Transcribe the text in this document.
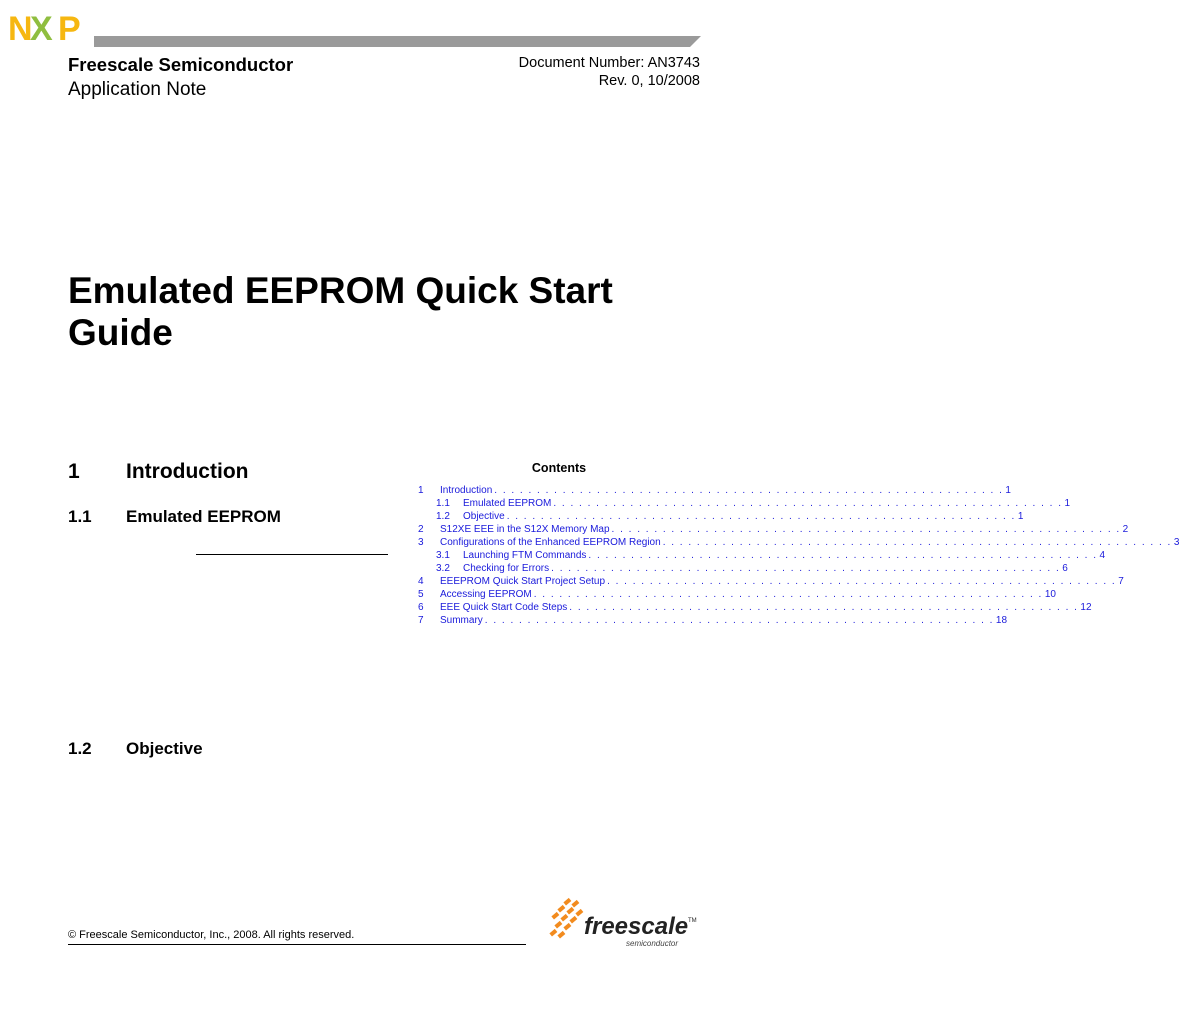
N
X P
Freescale Semiconductor
Application Note
Document Number: AN3743
Rev. 0, 10/2008
Emulated EEPROM Quick Start Guide
1 Introduction
1.1 Emulated EEPROM
1.2 Objective
Contents
1 Introduction . . . . . . . . . . . . . . . . . . . . . . . . . . . . . . . . . . . . . . . . . . . . . . . . . . . . . . . . . . . . 1
1.1 Emulated EEPROM . . . . . . . . . . . . . . . . . . . . . . . . . . . . . . . . . . . . . . . . . . . . . . . . . . . . . . . . . . . . 1
1.2 Objective . . . . . . . . . . . . . . . . . . . . . . . . . . . . . . . . . . . . . . . . . . . . . . . . . . . . . . . . . . . . 1
2 S12XE EEE in the S12X Memory Map . . . . . . . . . . . . . . . . . . . . . . . . . . . . . . . . . . . . . . . . . . . . . . . . . . . . . . . . . . . . 2
3 Configurations of the Enhanced EEPROM Region . . . . . . . . . . . . . . . . . . . . . . . . . . . . . . . . . . . . . . . . . . . . . . . . . . . . . . . . . . . . 3
3.1 Launching FTM Commands . . . . . . . . . . . . . . . . . . . . . . . . . . . . . . . . . . . . . . . . . . . . . . . . . . . . . . . . . . . . 4
3.2 Checking for Errors . . . . . . . . . . . . . . . . . . . . . . . . . . . . . . . . . . . . . . . . . . . . . . . . . . . . . . . . . . . . 6
4 EEEPROM Quick Start Project Setup . . . . . . . . . . . . . . . . . . . . . . . . . . . . . . . . . . . . . . . . . . . . . . . . . . . . . . . . . . . . 7
5 Accessing EEPROM . . . . . . . . . . . . . . . . . . . . . . . . . . . . . . . . . . . . . . . . . . . . . . . . . . . . . . . . . . . . 10
6 EEE Quick Start Code Steps . . . . . . . . . . . . . . . . . . . . . . . . . . . . . . . . . . . . . . . . . . . . . . . . . . . . . . . . . . . . 12
7 Summary . . . . . . . . . . . . . . . . . . . . . . . . . . . . . . . . . . . . . . . . . . . . . . . . . . . . . . . . . . . . 18
© Freescale Semiconductor, Inc., 2008. All rights reserved.	freescale TM
semiconductor
